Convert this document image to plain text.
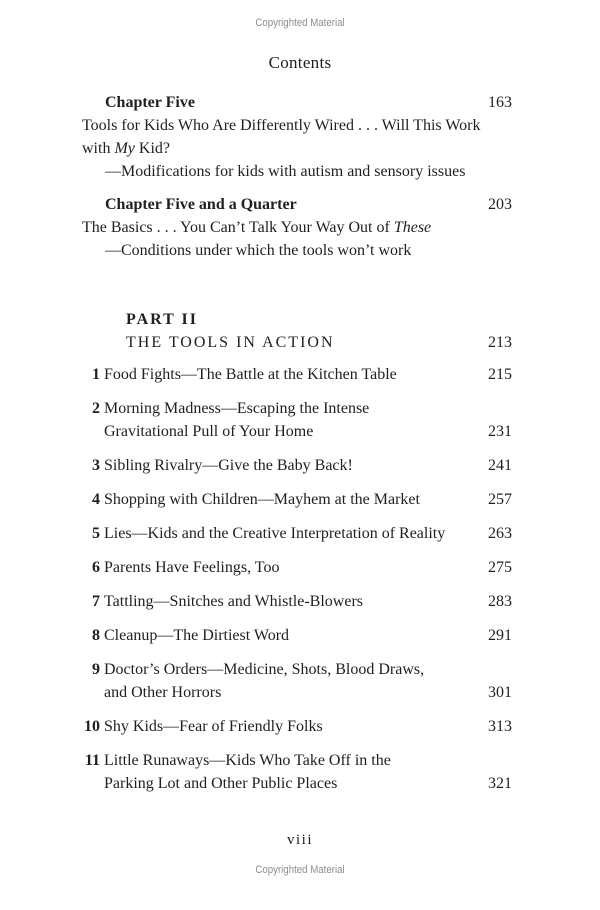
Copyrighted Material
Contents
Chapter Five	163
Tools for Kids Who Are Differently Wired . . . Will This Work
with My Kid?
—Modifications for kids with autism and sensory issues
Chapter Five and a Quarter	203
The Basics . . . You Can’t Talk Your Way Out of These
—Conditions under which the tools won’t work
PART II
THE TOOLS IN ACTION	213
1 Food Fights—The Battle at the Kitchen Table	215
2 Morning Madness—Escaping the Intense
Gravitational Pull of Your Home	231
3 Sibling Rivalry—Give the Baby Back!	241
4 Shopping with Children—Mayhem at the Market	257
5 Lies—Kids and the Creative Interpretation of Reality	263
6 Parents Have Feelings, Too	275
7 Tattling—Snitches and Whistle-Blowers	283
8 Cleanup—The Dirtiest Word	291
9 Doctor’s Orders—Medicine, Shots, Blood Draws,
and Other Horrors	301
10 Shy Kids—Fear of Friendly Folks	313
11 Little Runaways—Kids Who Take Off in the
Parking Lot and Other Public Places	321
viii
Copyrighted Material
